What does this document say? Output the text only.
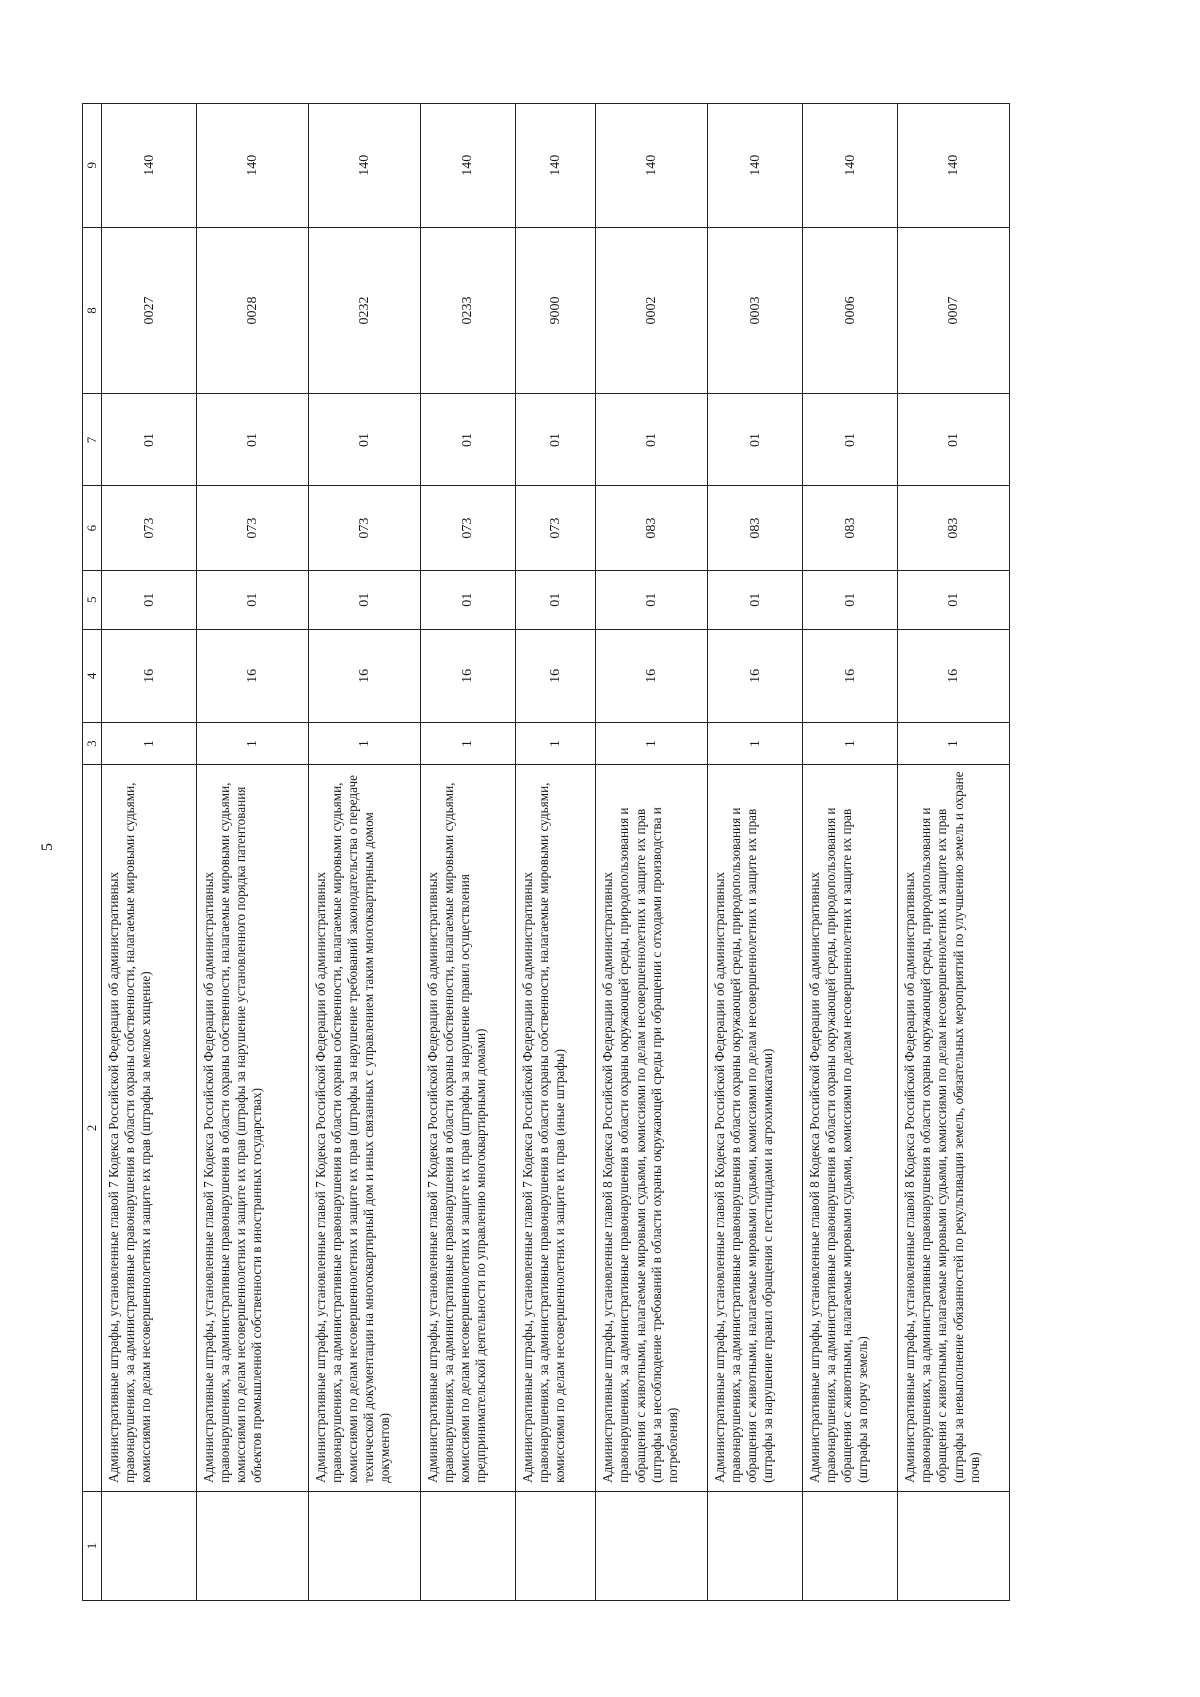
5
1	2	3	4	5	6	7	8	9
	Административные штрафы, установленные главой 7 Кодекса Российской Федерации об административных правонарушениях, за административные правонарушения в области охраны собственности, налагаемые мировыми судьями, комиссиями по делам несовершеннолетних и защите их прав (штрафы за мелкое хищение)	1	16	01	073	01	0027	140
	Административные штрафы, установленные главой 7 Кодекса Российской Федерации об административных правонарушениях, за административные правонарушения в области охраны собственности, налагаемые мировыми судьями, комиссиями по делам несовершеннолетних и защите их прав (штрафы за нарушение установленного порядка патентования объектов промышленной собственности в иностранных государствах)	1	16	01	073	01	0028	140
	Административные штрафы, установленные главой 7 Кодекса Российской Федерации об административных правонарушениях, за административные правонарушения в области охраны собственности, налагаемые мировыми судьями, комиссиями по делам несовершеннолетних и защите их прав (штрафы за нарушение требований законодательства о передаче технической документации на многоквартирный дом и иных связанных с управлением таким многоквартирным домом документов)	1	16	01	073	01	0232	140
	Административные штрафы, установленные главой 7 Кодекса Российской Федерации об административных правонарушениях, за административные правонарушения в области охраны собственности, налагаемые мировыми судьями, комиссиями по делам несовершеннолетних и защите их прав (штрафы за нарушение правил осуществления предпринимательской деятельности по управлению многоквартирными домами)	1	16	01	073	01	0233	140
	Административные штрафы, установленные главой 7 Кодекса Российской Федерации об административных правонарушениях, за административные правонарушения в области охраны собственности, налагаемые мировыми судьями, комиссиями по делам несовершеннолетних и защите их прав (иные штрафы)	1	16	01	073	01	9000	140
	Административные штрафы, установленные главой 8 Кодекса Российской Федерации об административных правонарушениях, за административные правонарушения в области охраны окружающей среды, природопользования и обращения с животными, налагаемые мировыми судьями, комиссиями по делам несовершеннолетних и защите их прав (штрафы за несоблюдение требований в области охраны окружающей среды при обращении с отходами производства и потребления)	1	16	01	083	01	0002	140
	Административные штрафы, установленные главой 8 Кодекса Российской Федерации об административных правонарушениях, за административные правонарушения в области охраны окружающей среды, природопользования и обращения с животными, налагаемые мировыми судьями, комиссиями по делам несовершеннолетних и защите их прав (штрафы за нарушение правил обращения с пестицидами и агрохимикатами)	1	16	01	083	01	0003	140
	Административные штрафы, установленные главой 8 Кодекса Российской Федерации об административных правонарушениях, за административные правонарушения в области охраны окружающей среды, природопользования и обращения с животными, налагаемые мировыми судьями, комиссиями по делам несовершеннолетних и защите их прав (штрафы за порчу земель)	1	16	01	083	01	0006	140
	Административные штрафы, установленные главой 8 Кодекса Российской Федерации об административных правонарушениях, за административные правонарушения в области охраны окружающей среды, природопользования и обращения с животными, налагаемые мировыми судьями, комиссиями по делам несовершеннолетних и защите их прав (штрафы за невыполнение обязанностей по рекультивации земель, обязательных мероприятий по улучшению земель и охране почв)	1	16	01	083	01	0007	140
